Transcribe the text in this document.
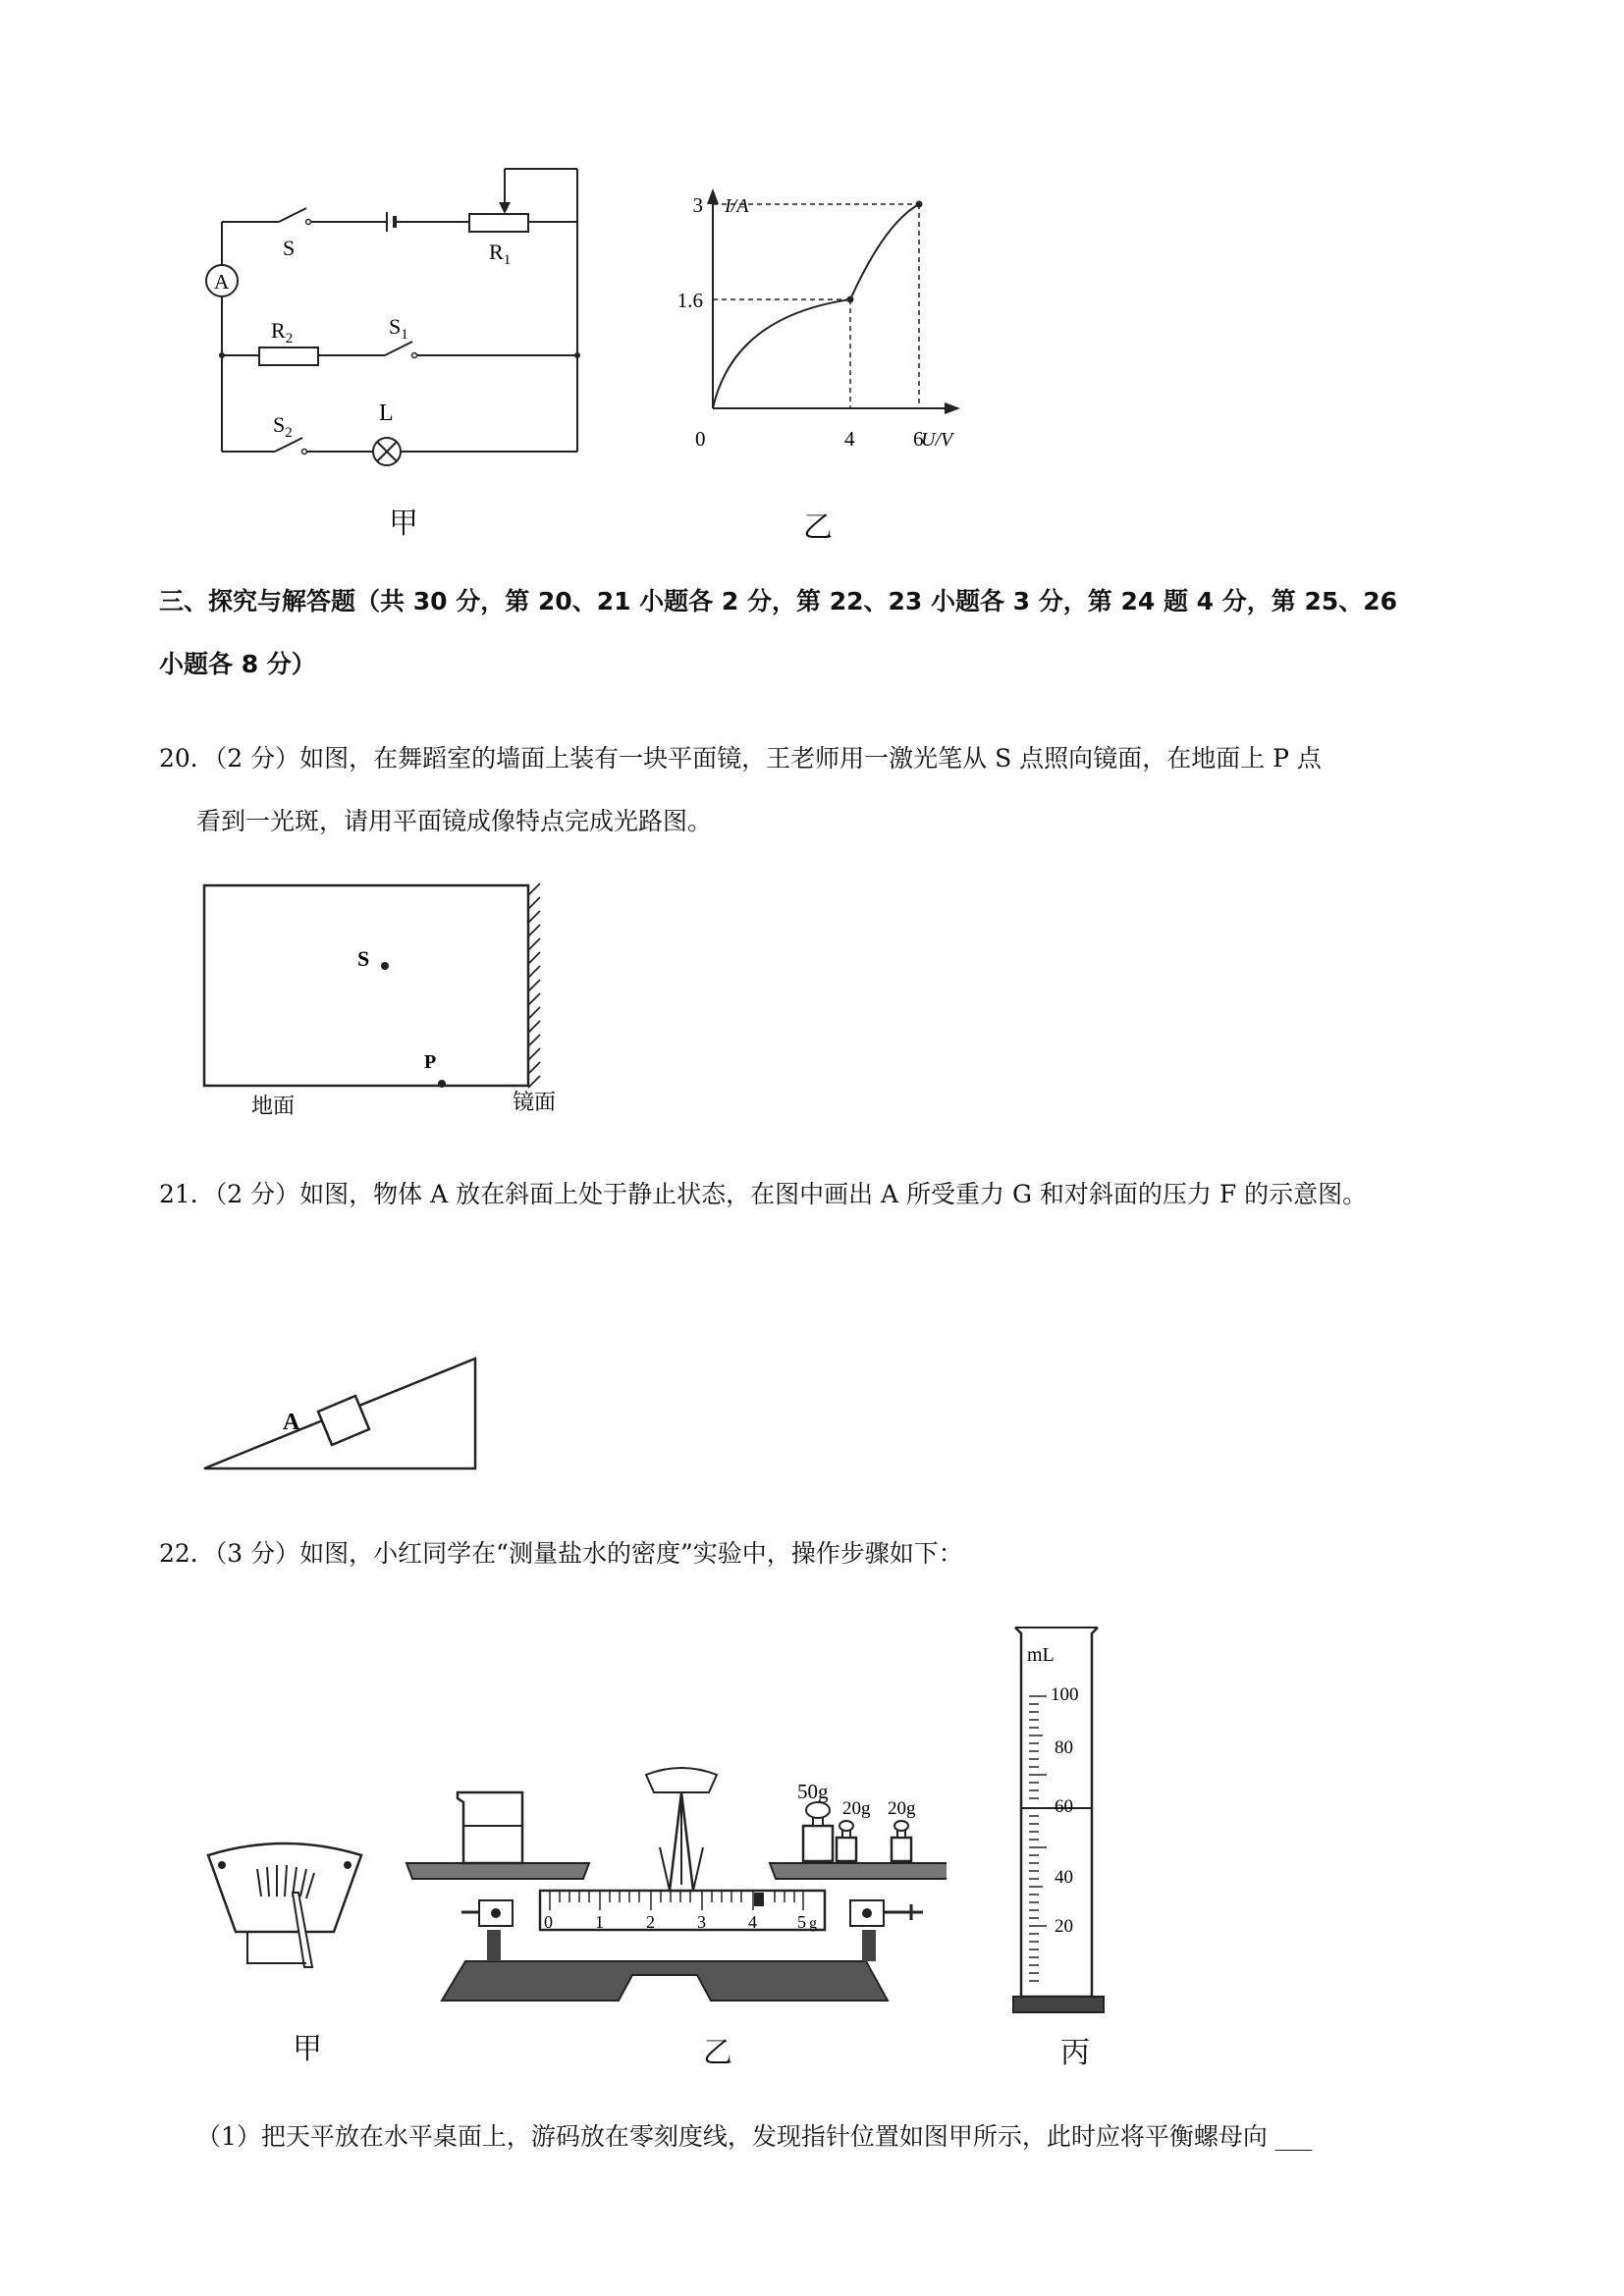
S	$R_1$
A
$R_2$	$S_1$
$S_2$
L
甲
1.6
4
3
6
I/A
U/V
0
乙
三、探究与解答题（共 30 分，第 20、21 小题各 2 分，第 22、23 小题各 3 分，第 24 题 4 分，第 25、26
小题各 8 分）
20．（2 分）如图，在舞蹈室的墙面上装有一块平面镜，王老师用一激光笔从 S 点照向镜面，在地面上 P 点
看到一光斑，请用平面镜成像特点完成光路图。
S
P
地面	镜面
21．（2 分）如图，物体 A 放在斜面上处于静止状态，在图中画出 A 所受重力 G 和对斜面的压力 F 的示意图。
A
22．（3 分）如图，小红同学在“测量盐水的密度”实验中，操作步骤如下：
甲
50g
20g 20g
0 1 2 3 4 5 g
乙
mL
100
80
60
40
20
丙
（1）把天平放在水平桌面上，游码放在零刻度线，发现指针位置如图甲所示，此时应将平衡螺母向 ___
